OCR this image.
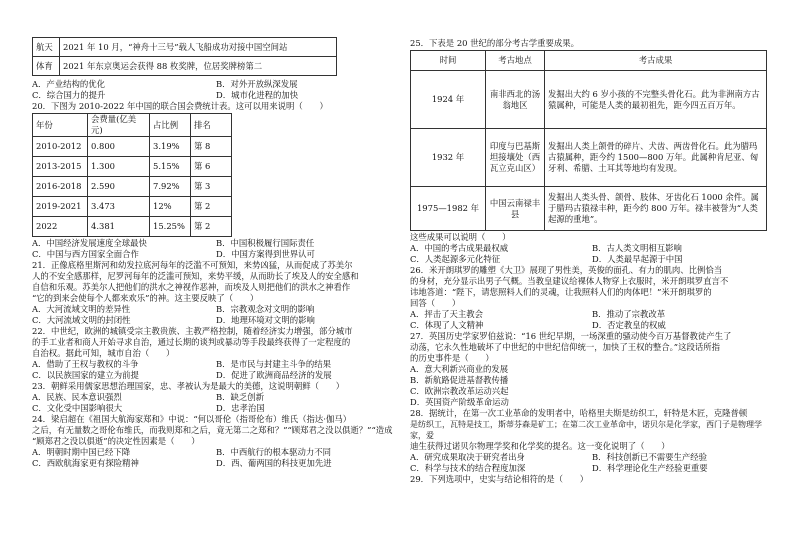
航天	2021 年 10 月，“神舟十三号”载人飞船成功对接中国空间站
体育	2021 年东京奥运会获得 88 枚奖牌，位居奖牌榜第二
A．产业结构的优化	B．对外开放纵深发展
C．综合国力的提升	D．城市化进程的加快

20．下图为 2010-2022 年中国的联合国会费统计表。这可以用来说明（　　）

年份	会费量(亿美元)	占比例	排名
2010-2012	0.800	3.19%	第 8
2013-2015	1.300	5.15%	第 6
2016-2018	2.590	7.92%	第 3
2019-2021	3.473	12%	第 2
2022	4.381	15.25%	第 2
A．中国经济发展速度全球最快	B．中国积极履行国际责任
C．中国与西方国家全面合作	D．中国方案得到世界认可

21．正像底格里斯河和幼发拉底河每年的泛滥不可预知，来势凶猛，从而促成了苏美尔

人的不安全感那样，尼罗河每年的泛滥可预知，来势平缓，从而助长了埃及人的安全感和

自信和乐观。苏美尔人把他们的洪水之神视作恶神，而埃及人则把他们的洪水之神看作

“它的到来会使每个人都来欢乐”的神。这主要反映了（　　）

A．大河流域文明的差异性	B．宗教观念对文明的影响
C．大河流域文明的封闭性	D．地理环境对文明的影响

22．中世纪，欧洲的城镇受宗主教贵族、主教严格控制，随着经济实力增强，部分城市

的手工业者和商人开始寻求自治，通过长期的谈判或暴动等手段最终获得了一定程度的

自治权。据此可知，城市自治（　　）

A．借助了王权与教权的斗争	B．是市民与封建主斗争的结果
C．以民族国家的建立为前提	D．促进了欧洲商品经济的发展

23．朝鲜采用儒家思想治理国家，忠、孝被认为是最大的美德，这说明朝鲜（　　）

A．民族、民本意识强烈	B．缺乏创新
C．文化受中国影响很大	D．忠孝治国

24．梁启超在《祖国大航海家郑和》中说：“何以哥伦（指哥伦布）维氏（指达·伽马）

之后，有无量数之哥伦布维氏，而我则郑和之后，竟无第二之郑和？”“顾郑君之没以俱逝？”“造成

“顾郑君之没以俱逝”的决定性因素是（　　）

A．明朝时期中国已经下降	B．中西航行的根本驱动力不同
C．西欧航海家更有探险精神	D．西、葡两国的科技更加先进

25．下表是 20 世纪的部分考古学重要成果。

时间	考古地点	考古成果
1924 年	南非西北的汤翁地区	发掘出大约 6 岁小孩的不完整头骨化石。此为非洲南方古猿属种，可能是人类的最初祖先，距今四五百万年。
1932 年	印度与巴基斯坦接壤处（西瓦立克山区）	发掘出人类上颌骨的碎片、犬齿、两齿骨化石。此为腊玛古猿属种，距今约 1500—800 万年。此属种肯尼亚、匈牙利、希腊、土耳其等地均有发现。
1975—1982 年	中国云南禄丰县	发掘出人类头骨、颌骨、肢体、牙齿化石 1000 余件。属于腊玛古猿禄丰种，距今约 800 万年。禄丰被誉为“人类起源的重地”。

这些成果可以说明（　　）

A．中国的考古成果最权威	B．古人类文明相互影响
C．人类起源多元化特征	D．人类最早起源于中国

26．米开朗琪罗的雕塑《大卫》展现了男性美，英俊的面孔、有力的肌肉、比例恰当

的身材，充分显示出男子气概。当教皇建议给裸体人物穿上衣服时，米开朗琪罗直言不

讳地答道：“陛下，请您照料人们的灵魂，让我照料人们的肉体吧！”米开朗琪罗的

回答（　　）

A．抨击了天主教会	B．推动了宗教改革
C．体现了人文精神	D．否定教皇的权威

27．英国历史学家罗伯兹说：“16 世纪早期，一场深重的骚动使今百万基督教徒产生了

动荡，它永久性地破坏了中世纪的中世纪信仰统一，加快了王权的整合。”这段话所指

的历史事件是（　　）

A．意大利新兴商业的发展
B．新航路促进基督教传播
C．欧洲宗教改革运动兴起
D．英国资产阶级革命运动

28．据统计，在第一次工业革命的发明者中，哈格里夫斯是纺织工，轩特是木匠，克隆普顿

是纺织工，瓦特是技工，斯蒂芬森是矿工；在第二次工业革命中，诺贝尔是化学家，西门子是物理学家，爱

迪生获得过诺贝尔物理学奖和化学奖的提名。这一变化说明了（　　）

A．研究成果取决于研究者出身	B．科技创新已不需要生产经验
C．科学与技术的结合程度加深	D．科学理论化生产经验更重要

29．下列选项中，史实与结论相符的是（　　）
